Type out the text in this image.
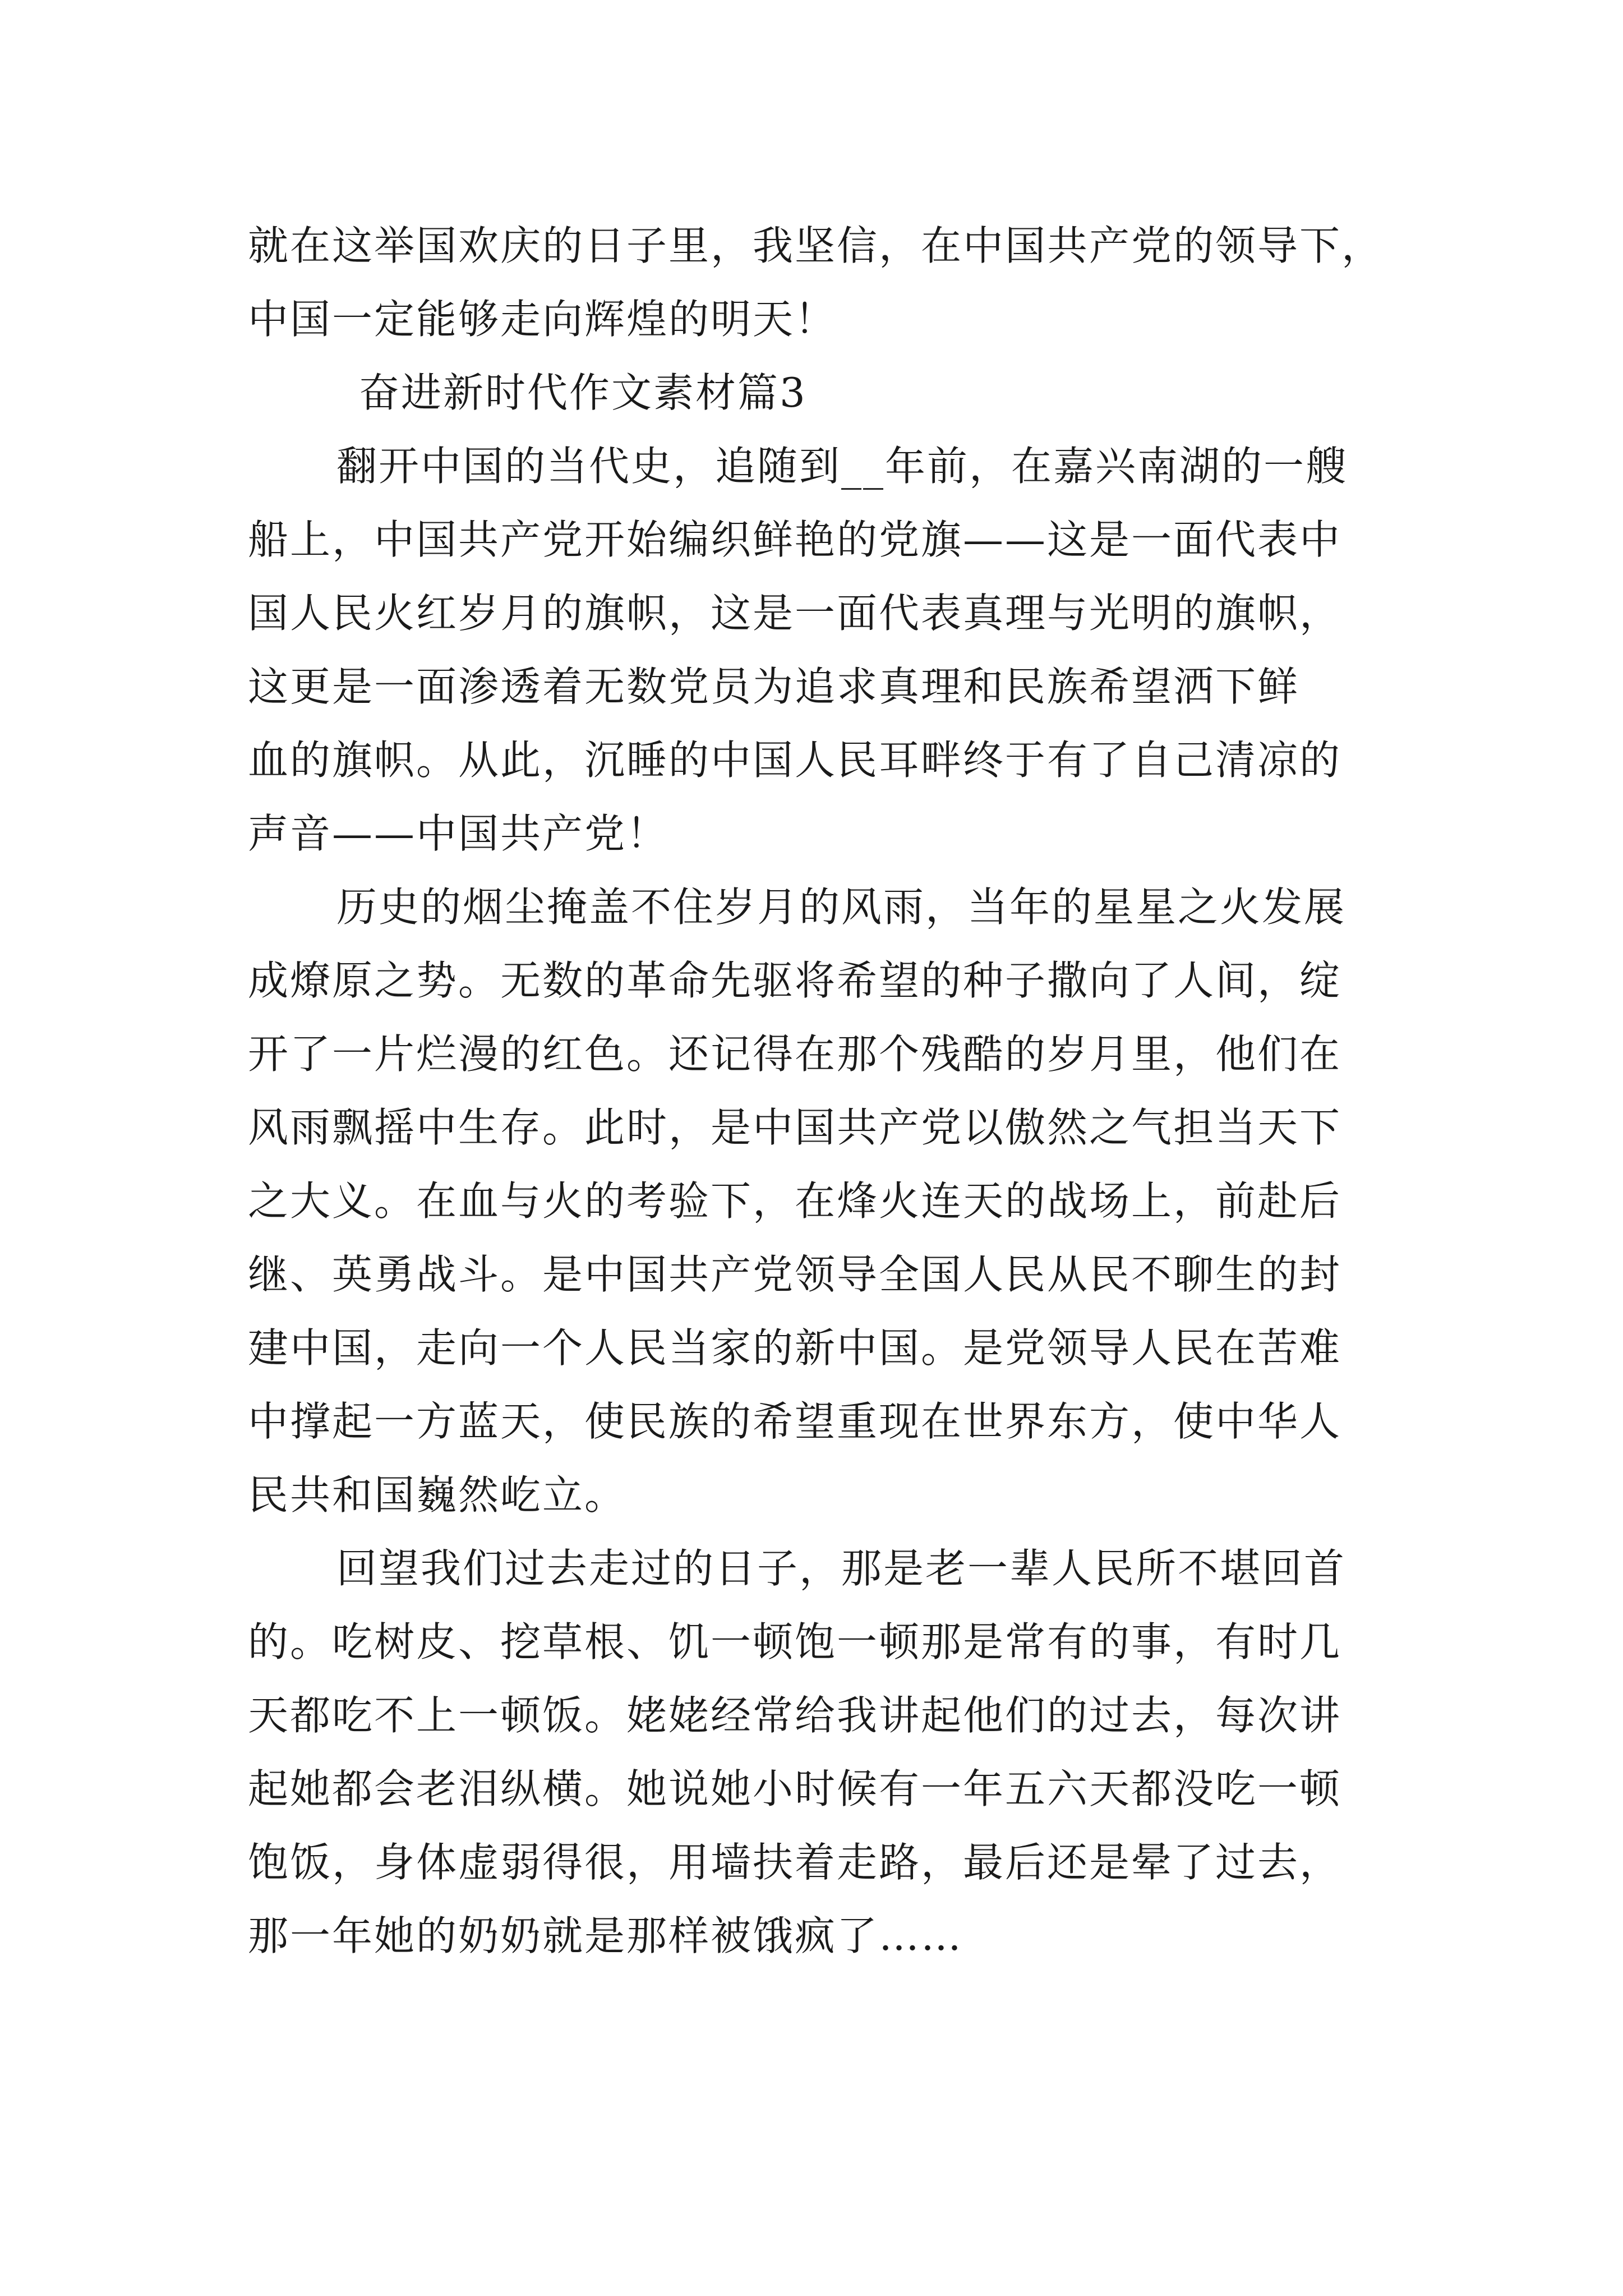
就在这举国欢庆的日子里，我坚信，在中国共产党的领导下，
中国一定能够走向辉煌的明天！
奋进新时代作文素材篇3
翻开中国的当代史，追随到__年前，在嘉兴南湖的一艘
船上，中国共产党开始编织鲜艳的党旗——这是一面代表中
国人民火红岁月的旗帜，这是一面代表真理与光明的旗帜，
这更是一面渗透着无数党员为追求真理和民族希望洒下鲜
血的旗帜。从此，沉睡的中国人民耳畔终于有了自己清凉的
声音——中国共产党！
历史的烟尘掩盖不住岁月的风雨，当年的星星之火发展
成燎原之势。无数的革命先驱将希望的种子撒向了人间，绽
开了一片烂漫的红色。还记得在那个残酷的岁月里，他们在
风雨飘摇中生存。此时，是中国共产党以傲然之气担当天下
之大义。在血与火的考验下，在烽火连天的战场上，前赴后
继、英勇战斗。是中国共产党领导全国人民从民不聊生的封
建中国，走向一个人民当家的新中国。是党领导人民在苦难
中撑起一方蓝天，使民族的希望重现在世界东方，使中华人
民共和国巍然屹立。
回望我们过去走过的日子，那是老一辈人民所不堪回首
的。吃树皮、挖草根、饥一顿饱一顿那是常有的事，有时几
天都吃不上一顿饭。姥姥经常给我讲起他们的过去，每次讲
起她都会老泪纵横。她说她小时候有一年五六天都没吃一顿
饱饭，身体虚弱得很，用墙扶着走路，最后还是晕了过去，
那一年她的奶奶就是那样被饿疯了……
